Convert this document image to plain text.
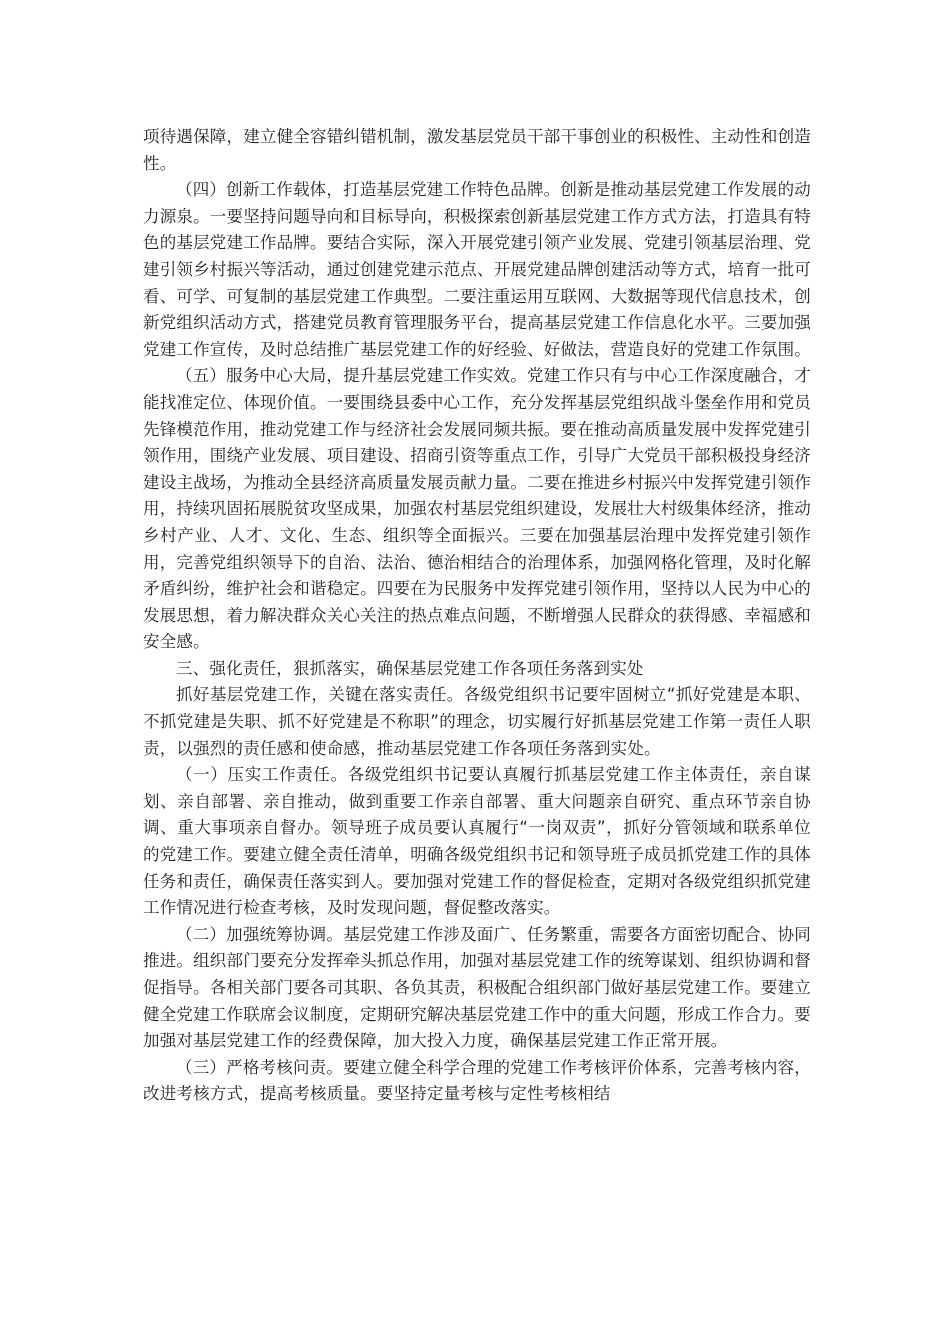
项待遇保障，建立健全容错纠错机制，激发基层党员干部干事创业的积极性、主动性和创造性。

（四）创新工作载体，打造基层党建工作特色品牌。创新是推动基层党建工作发展的动力源泉。一要坚持问题导向和目标导向，积极探索创新基层党建工作方式方法，打造具有特色的基层党建工作品牌。要结合实际，深入开展党建引领产业发展、党建引领基层治理、党建引领乡村振兴等活动，通过创建党建示范点、开展党建品牌创建活动等方式，培育一批可看、可学、可复制的基层党建工作典型。二要注重运用互联网、大数据等现代信息技术，创新党组织活动方式，搭建党员教育管理服务平台，提高基层党建工作信息化水平。三要加强党建工作宣传，及时总结推广基层党建工作的好经验、好做法，营造良好的党建工作氛围。

（五）服务中心大局，提升基层党建工作实效。党建工作只有与中心工作深度融合，才能找准定位、体现价值。一要围绕县委中心工作，充分发挥基层党组织战斗堡垒作用和党员先锋模范作用，推动党建工作与经济社会发展同频共振。要在推动高质量发展中发挥党建引领作用，围绕产业发展、项目建设、招商引资等重点工作，引导广大党员干部积极投身经济建设主战场，为推动全县经济高质量发展贡献力量。二要在推进乡村振兴中发挥党建引领作用，持续巩固拓展脱贫攻坚成果，加强农村基层党组织建设，发展壮大村级集体经济，推动乡村产业、人才、文化、生态、组织等全面振兴。三要在加强基层治理中发挥党建引领作用，完善党组织领导下的自治、法治、德治相结合的治理体系，加强网格化管理，及时化解矛盾纠纷，维护社会和谐稳定。四要在为民服务中发挥党建引领作用，坚持以人民为中心的发展思想，着力解决群众关心关注的热点难点问题，不断增强人民群众的获得感、幸福感和安全感。

三、强化责任，狠抓落实，确保基层党建工作各项任务落到实处

抓好基层党建工作，关键在落实责任。各级党组织书记要牢固树立“抓好党建是本职、不抓党建是失职、抓不好党建是不称职”的理念，切实履行好抓基层党建工作第一责任人职责，以强烈的责任感和使命感，推动基层党建工作各项任务落到实处。

（一）压实工作责任。各级党组织书记要认真履行抓基层党建工作主体责任，亲自谋划、亲自部署、亲自推动，做到重要工作亲自部署、重大问题亲自研究、重点环节亲自协调、重大事项亲自督办。领导班子成员要认真履行“一岗双责”，抓好分管领域和联系单位的党建工作。要建立健全责任清单，明确各级党组织书记和领导班子成员抓党建工作的具体任务和责任，确保责任落实到人。要加强对党建工作的督促检查，定期对各级党组织抓党建工作情况进行检查考核，及时发现问题，督促整改落实。

（二）加强统筹协调。基层党建工作涉及面广、任务繁重，需要各方面密切配合、协同推进。组织部门要充分发挥牵头抓总作用，加强对基层党建工作的统筹谋划、组织协调和督促指导。各相关部门要各司其职、各负其责，积极配合组织部门做好基层党建工作。要建立健全党建工作联席会议制度，定期研究解决基层党建工作中的重大问题，形成工作合力。要加强对基层党建工作的经费保障，加大投入力度，确保基层党建工作正常开展。

（三）严格考核问责。要建立健全科学合理的党建工作考核评价体系，完善考核内容，改进考核方式，提高考核质量。要坚持定量考核与定性考核相结
